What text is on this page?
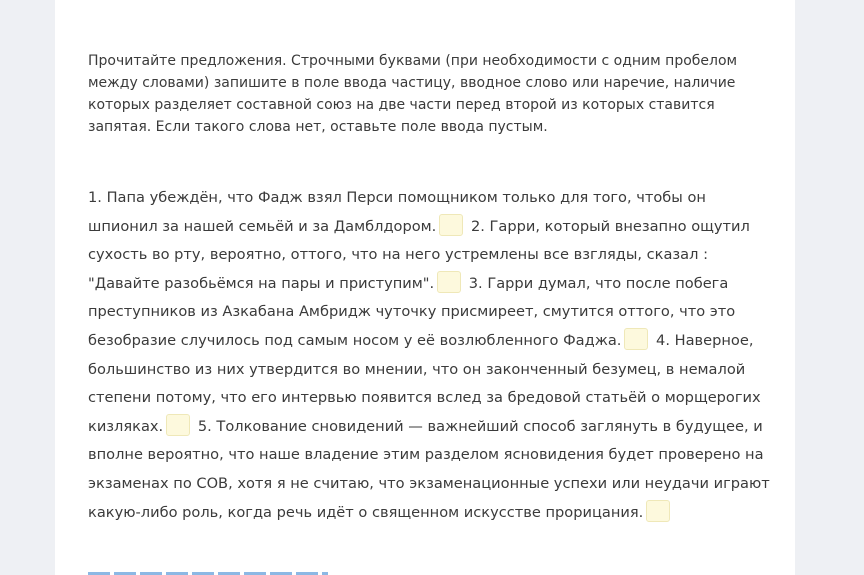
Прочитайте предложения. Строчными буквами (при необходимости с одним пробелом между словами) запишите в поле ввода частицу, вводное слово или наречие, наличие которых разделяет составной союз на две части перед второй из которых ставится запятая. Если такого слова нет, оставьте поле ввода пустым.

1. Папа убеждён, что Фадж взял Перси помощником только для того, чтобы он шпионил за нашей семьёй и за Дамблдором. 2. Гарри, который внезапно ощутил сухость во рту, вероятно, оттого, что на него устремлены все взгляды, сказал : "Давайте разобьёмся на пары и приступим". 3. Гарри думал, что после побега преступников из Азкабана Амбридж чуточку присмиреет, смутится оттого, что это безобразие случилось под самым носом у её возлюбленного Фаджа. 4. Наверное, большинство из них утвердится во мнении, что он законченный безумец, в немалой степени потому, что его интервью появится вслед за бредовой статьёй о морщерогих кизляках. 5. Толкование сновидений — важнейший способ заглянуть в будущее, и вполне вероятно, что наше владение этим разделом ясновидения будет проверено на экзаменах по СОВ, хотя я не считаю, что экзаменационные успехи или неудачи играют какую-либо роль, когда речь идёт о священном искусстве прорицания.
